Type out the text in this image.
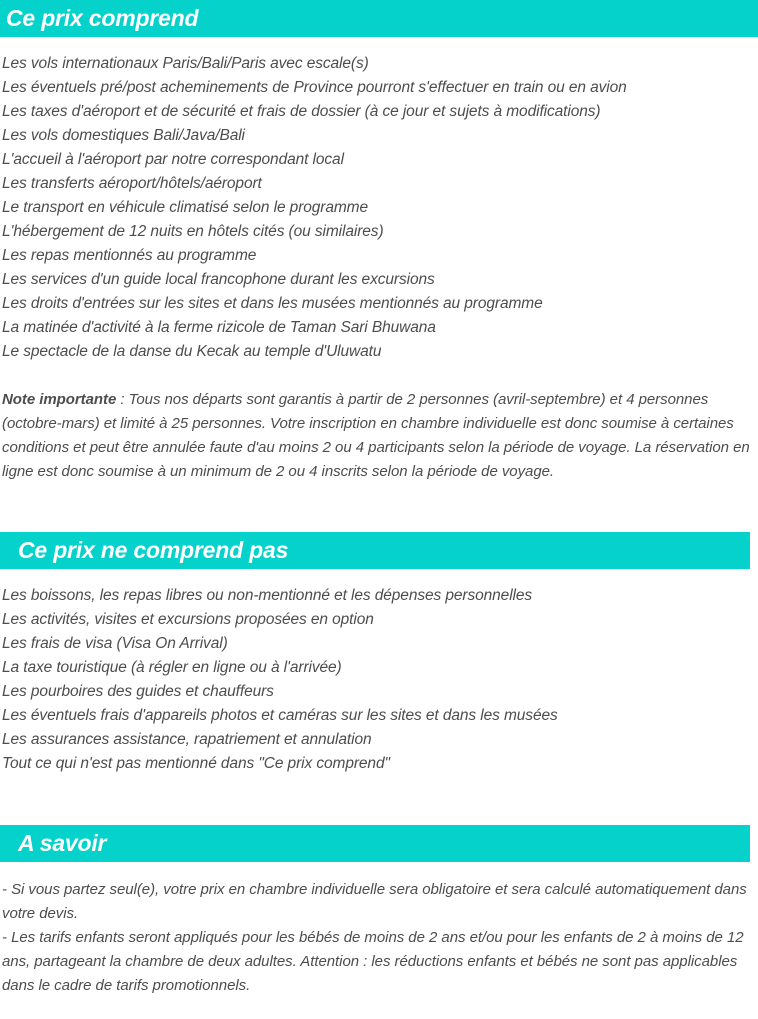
Ce prix comprend
Les vols internationaux Paris/Bali/Paris avec escale(s)
Les éventuels pré/post acheminements de Province pourront s'effectuer en train ou en avion
Les taxes d'aéroport et de sécurité et frais de dossier (à ce jour et sujets à modifications)
Les vols domestiques Bali/Java/Bali
L'accueil à l'aéroport par notre correspondant local
Les transferts aéroport/hôtels/aéroport
Le transport en véhicule climatisé selon le programme
L'hébergement de 12 nuits en hôtels cités (ou similaires)
Les repas mentionnés au programme
Les services d'un guide local francophone durant les excursions
Les droits d'entrées sur les sites et dans les musées mentionnés au programme
La matinée d'activité à la ferme rizicole de Taman Sari Bhuwana
Le spectacle de la danse du Kecak au temple d'Uluwatu
Note importante : Tous nos départs sont garantis à partir de 2 personnes (avril-septembre) et 4 personnes (octobre-mars) et limité à 25 personnes. Votre inscription en chambre individuelle est donc soumise à certaines conditions et peut être annulée faute d'au moins 2 ou 4 participants selon la période de voyage. La réservation en ligne est donc soumise à un minimum de 2 ou 4 inscrits selon la période de voyage.
Ce prix ne comprend pas
Les boissons, les repas libres ou non-mentionné et les dépenses personnelles
Les activités, visites et excursions proposées en option
Les frais de visa (Visa On Arrival)
La taxe touristique (à régler en ligne ou à l'arrivée)
Les pourboires des guides et chauffeurs
Les éventuels frais d'appareils photos et caméras sur les sites et dans les musées
Les assurances assistance, rapatriement et annulation
Tout ce qui n'est pas mentionné dans "Ce prix comprend"
A savoir
- Si vous partez seul(e), votre prix en chambre individuelle sera obligatoire et sera calculé automatiquement dans votre devis.
- Les tarifs enfants seront appliqués pour les bébés de moins de 2 ans et/ou pour les enfants de 2 à moins de 12 ans, partageant la chambre de deux adultes. Attention : les réductions enfants et bébés ne sont pas applicables dans le cadre de tarifs promotionnels.
